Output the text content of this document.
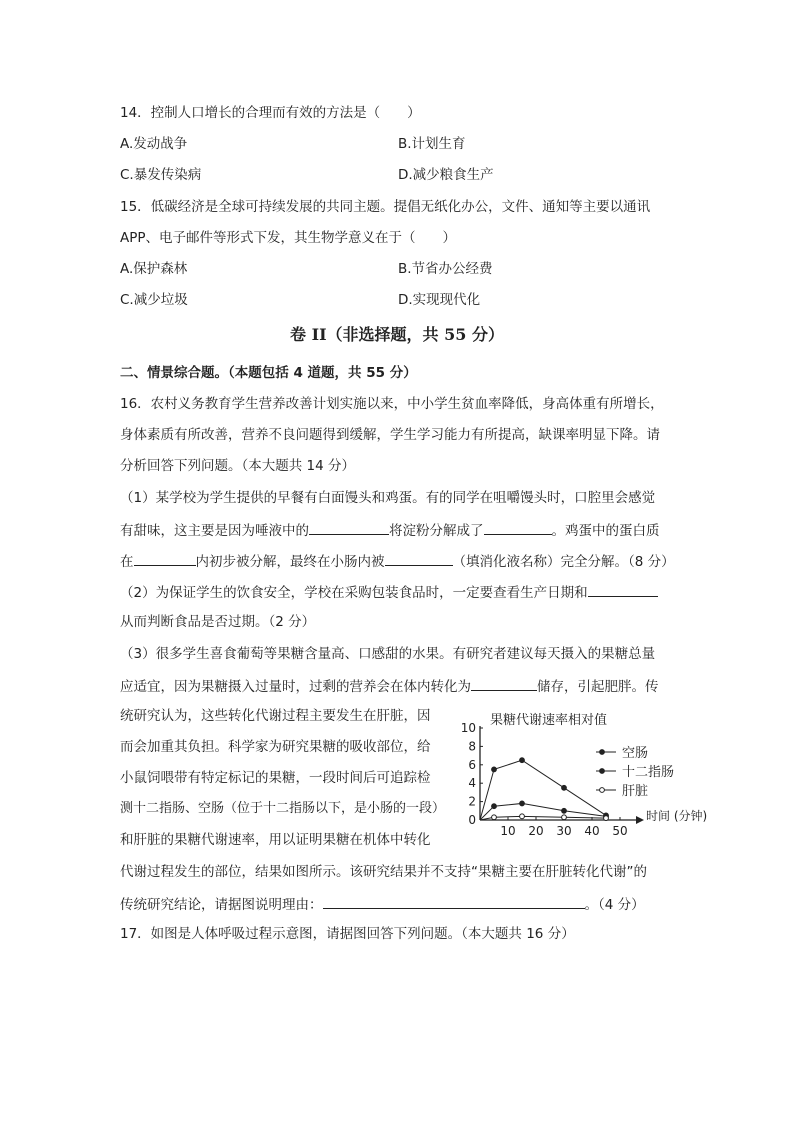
14．控制人口增长的合理而有效的方法是（　　）
A.发动战争	B.计划生育
C.暴发传染病	D.减少粮食生产
15．低碳经济是全球可持续发展的共同主题。提倡无纸化办公，文件、通知等主要以通讯
APP、电子邮件等形式下发，其生物学意义在于（　　）
A.保护森林	B.节省办公经费
C.减少垃圾	D.实现现代化
卷 II（非选择题，共 55 分）
二、情景综合题。（本题包括 4 道题，共 55 分）
16．农村义务教育学生营养改善计划实施以来，中小学生贫血率降低，身高体重有所增长，
身体素质有所改善，营养不良问题得到缓解，学生学习能力有所提高，缺课率明显下降。请
分析回答下列问题。（本大题共 14 分）
（1）某学校为学生提供的早餐有白面馒头和鸡蛋。有的同学在咀嚼馒头时，口腔里会感觉
有甜味，这主要是因为唾液中的	将淀粉分解成了	。鸡蛋中的蛋白质
在	内初步被分解，最终在小肠内被	（填消化液名称）完全分解。（8 分）
（2）为保证学生的饮食安全，学校在采购包装食品时，一定要查看生产日期和
从而判断食品是否过期。（2 分）
（3）很多学生喜食葡萄等果糖含量高、口感甜的水果。有研究者建议每天摄入的果糖总量
应适宜，因为果糖摄入过量时，过剩的营养会在体内转化为	储存，引起肥胖。传
统研究认为，这些转化代谢过程主要发生在肝脏，因
而会加重其负担。科学家为研究果糖的吸收部位，给
小鼠饲喂带有特定标记的果糖，一段时间后可追踪检
测十二指肠、空肠（位于十二指肠以下，是小肠的一段）
和肝脏的果糖代谢速率，用以证明果糖在机体中转化
代谢过程发生的部位，结果如图所示。该研究结果并不支持“果糖主要在肝脏转化代谢”的
传统研究结论，请据图说明理由：	。（4 分）
17．如图是人体呼吸过程示意图，请据图回答下列问题。（本大题共 16 分）
0
2
4
6
8
10
10 20 30 40 50
空肠
十二指肠
肝脏
果糖代谢速率相对值
时间 (分钟)
